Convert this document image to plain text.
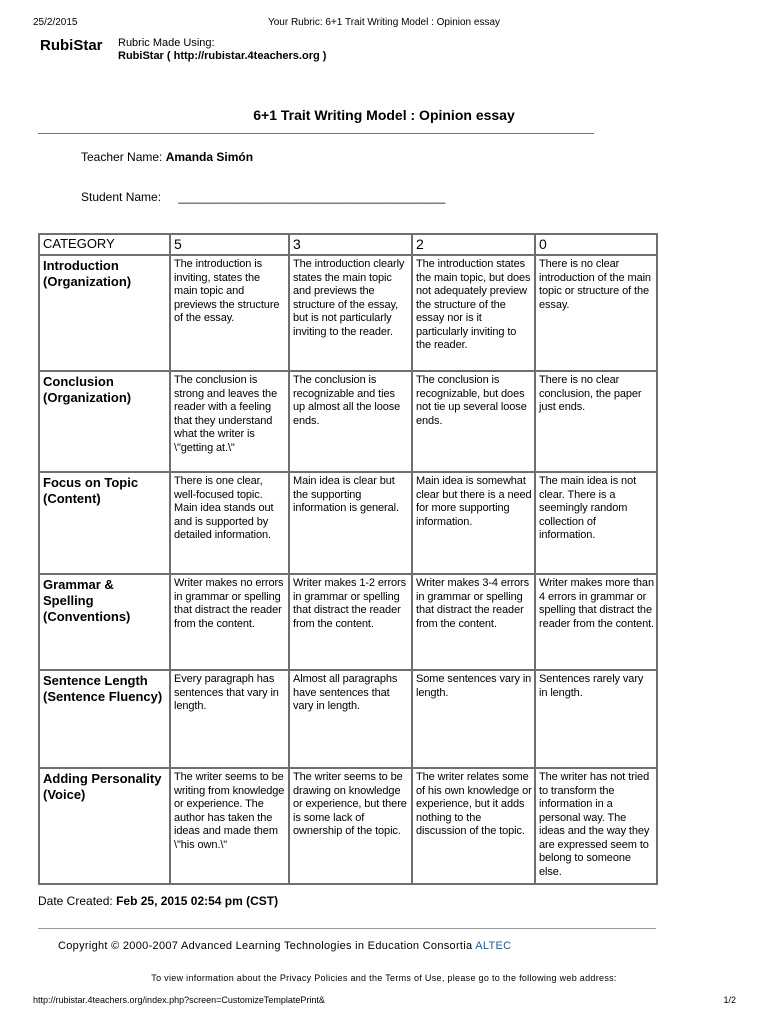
25/2/2015	Your Rubric: 6+1 Trait Writing Model : Opinion essay
RubiStar Rubric Made Using:
RubiStar ( http://rubistar.4teachers.org )
6+1 Trait Writing Model : Opinion essay
Teacher Name: Amanda Simón
Student Name: ________________________________________
CATEGORY	5	3	2	0
Introduction (Organization)	The introduction is inviting, states the main topic and previews the structure of the essay.	The introduction clearly states the main topic and previews the structure of the essay, but is not particularly inviting to the reader.	The introduction states the main topic, but does not adequately preview the structure of the essay nor is it particularly inviting to the reader.	There is no clear introduction of the main topic or structure of the essay.
Conclusion (Organization)	The conclusion is strong and leaves the reader with a feeling that they understand what the writer is \"getting at.\"	The conclusion is recognizable and ties up almost all the loose ends.	The conclusion is recognizable, but does not tie up several loose ends.	There is no clear conclusion, the paper just ends.
Focus on Topic (Content)	There is one clear, well-focused topic. Main idea stands out and is supported by detailed information.	Main idea is clear but the supporting information is general.	Main idea is somewhat clear but there is a need for more supporting information.	The main idea is not clear. There is a seemingly random collection of information.
Grammar & Spelling (Conventions)	Writer makes no errors in grammar or spelling that distract the reader from the content.	Writer makes 1-2 errors in grammar or spelling that distract the reader from the content.	Writer makes 3-4 errors in grammar or spelling that distract the reader from the content.	Writer makes more than 4 errors in grammar or spelling that distract the reader from the content.
Sentence Length (Sentence Fluency)	Every paragraph has sentences that vary in length.	Almost all paragraphs have sentences that vary in length.	Some sentences vary in length.	Sentences rarely vary in length.
Adding Personality (Voice)	The writer seems to be writing from knowledge or experience. The author has taken the ideas and made them \"his own.\"	The writer seems to be drawing on knowledge or experience, but there is some lack of ownership of the topic.	The writer relates some of his own knowledge or experience, but it adds nothing to the discussion of the topic.	The writer has not tried to transform the information in a personal way. The ideas and the way they are expressed seem to belong to someone else.
Date Created: Feb 25, 2015 02:54 pm (CST)
Copyright © 2000-2007 Advanced Learning Technologies in Education Consortia ALTEC
To view information about the Privacy Policies and the Terms of Use, please go to the following web address:
http://rubistar.4teachers.org/index.php?screen=CustomizeTemplatePrint&	1/2
